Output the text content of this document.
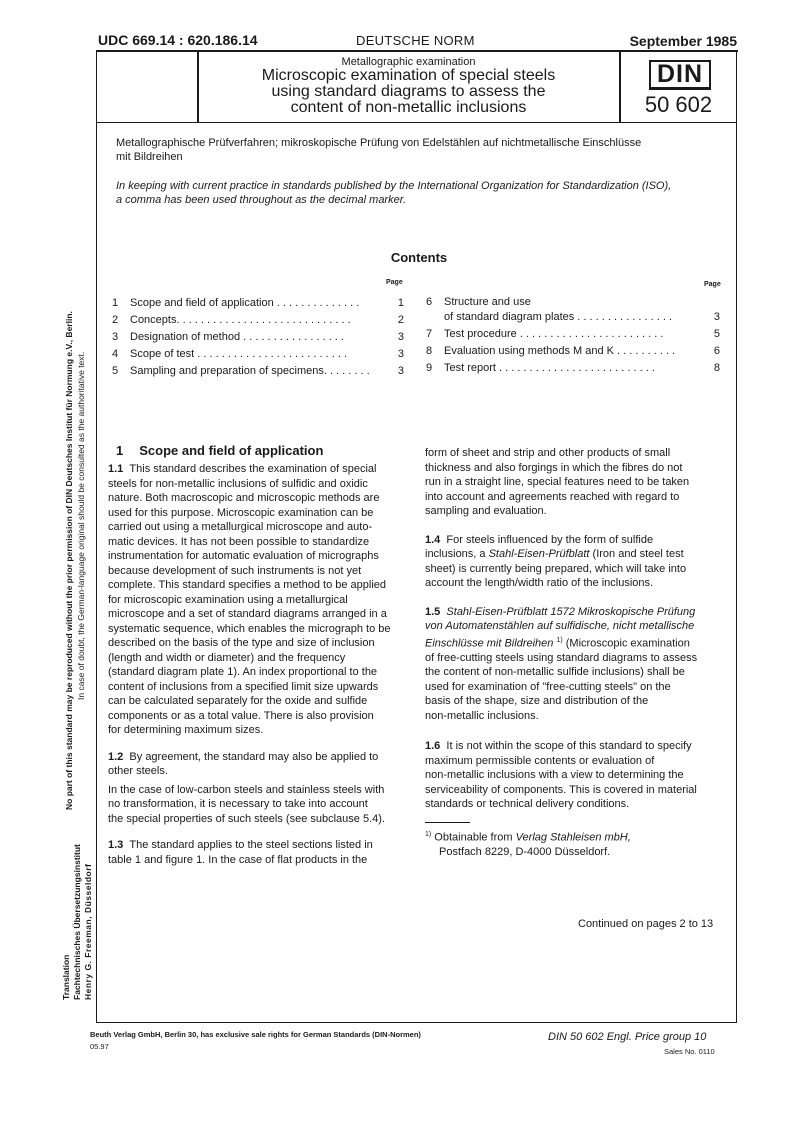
UDC 669.14 : 620.186.14	DEUTSCHE NORM	September 1985
Metallographic examination
Microscopic examination of special steels
using standard diagrams to assess the
content of non-metallic inclusions
DIN
50 602
Metallographische Prüfverfahren; mikroskopische Prüfung von Edelstählen auf nichtmetallische Einschlüsse
mit Bildreihen
In keeping with current practice in standards published by the International Organization for Standardization (ISO),
a comma has been used throughout as the decimal marker.
Contents
Page	Page
1	Scope and field of application . . . . . . . . . . . . . .	1
2	Concepts. . . . . . . . . . . . . . . . . . . . . . . . . . . . .	2
3	Designation of method . . . . . . . . . . . . . . . . .	3
4	Scope of test . . . . . . . . . . . . . . . . . . . . . . . . .	3
5	Sampling and preparation of specimens. . . . . . . .	3
6	Structure and use
of standard diagram plates . . . . . . . . . . . . . . . .	3
7	Test procedure . . . . . . . . . . . . . . . . . . . . . . . .	5
8	Evaluation using methods M and K . . . . . . . . . .	6
9	Test report . . . . . . . . . . . . . . . . . . . . . . . . . .	8
1 Scope and field of application

1.1 This standard describes the examination of special
steels for non-metallic inclusions of sulfidic and oxidic
nature. Both macroscopic and microscopic methods are
used for this purpose. Microscopic examination can be
carried out using a metallurgical microscope and auto-
matic devices. It has not been possible to standardize
instrumentation for automatic evaluation of micrographs
because development of such instruments is not yet
complete. This standard specifies a method to be applied
for microscopic examination using a metallurgical
microscope and a set of standard diagrams arranged in a
systematic sequence, which enables the micrograph to be
described on the basis of the type and size of inclusion
(length and width or diameter) and the frequency
(standard diagram plate 1). An index proportional to the
content of inclusions from a specified limit size upwards
can be calculated separately for the oxide and sulfide
components or as a total value. There is also provision
for determining maximum sizes.

1.2 By agreement, the standard may also be applied to
other steels.

In the case of low-carbon steels and stainless steels with
no transformation, it is necessary to take into account
the special properties of such steels (see subclause 5.4).

1.3 The standard applies to the steel sections listed in
table 1 and figure 1. In the case of flat products in the

form of sheet and strip and other products of small
thickness and also forgings in which the fibres do not
run in a straight line, special features need to be taken
into account and agreements reached with regard to
sampling and evaluation.

1.4 For steels influenced by the form of sulfide
inclusions, a Stahl-Eisen-Prüfblatt (Iron and steel test
sheet) is currently being prepared, which will take into
account the length/width ratio of the inclusions.

1.5 Stahl-Eisen-Prüfblatt 1572 Mikroskopische Prüfung
von Automatenstählen auf sulfidische, nicht metallische
Einschlüsse mit Bildreihen $^{1)}$ (Microscopic examination
of free-cutting steels using standard diagrams to assess
the content of non-metallic sulfide inclusions) shall be
used for examination of "free-cutting steels" on the
basis of the shape, size and distribution of the
non-metallic inclusions.

1.6 It is not within the scope of this standard to specify
maximum permissible contents or evaluation of
non-metallic inclusions with a view to determining the
serviceability of components. This is covered in material
standards or technical delivery conditions.

$^{1)}$ Obtainable from Verlag Stahleisen mbH,
Postfach 8229, D-4000 Düsseldorf.
Continued on pages 2 to 13
No part of this standard may be reproduced without the prior permission of DIN Deutsches Institut für Normung e.V., Berlin. In case of doubt, the German-language original should be consulted as the authoritative text.
Translation Fachtechnisches Übersetzungsinstitut Henry G. Freeman, Düsseldorf
Beuth Verlag GmbH, Berlin 30, has exclusive sale rights for German Standards (DIN-Normen)
05.97
DIN 50 602 Engl. Price group 10
Sales No. 0110
